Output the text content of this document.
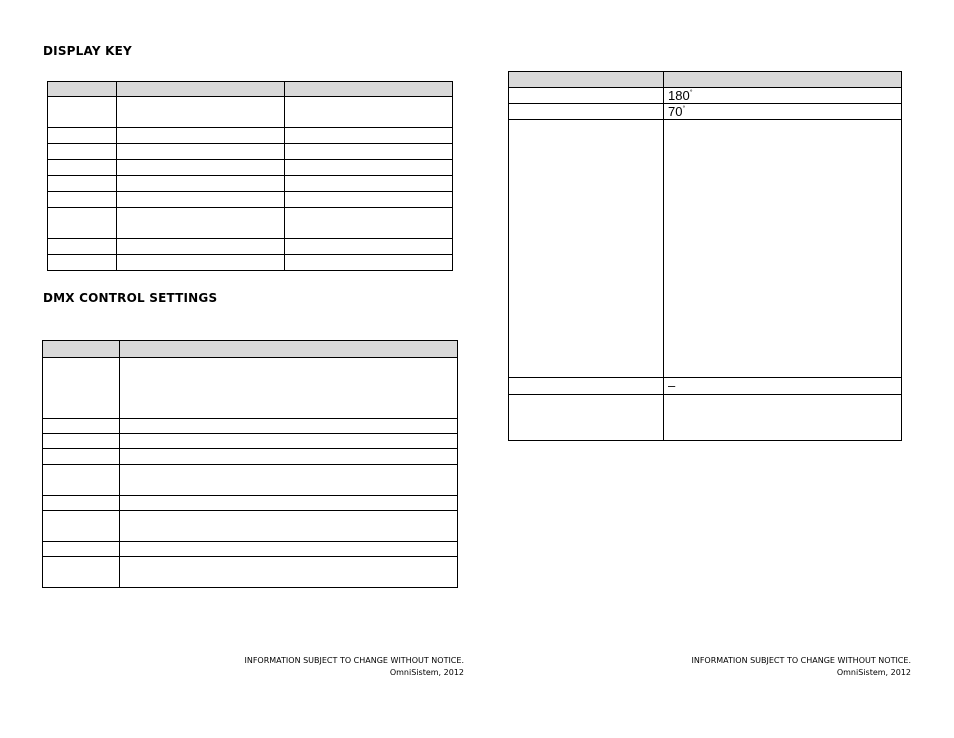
DISPLAY KEY

DMX CONTROL SETTINGS

INFORMATION SUBJECT TO CHANGE WITHOUT NOTICE.
OmniSistem, 2012

	180°
	70°

	–

INFORMATION SUBJECT TO CHANGE WITHOUT NOTICE.
OmniSistem, 2012
